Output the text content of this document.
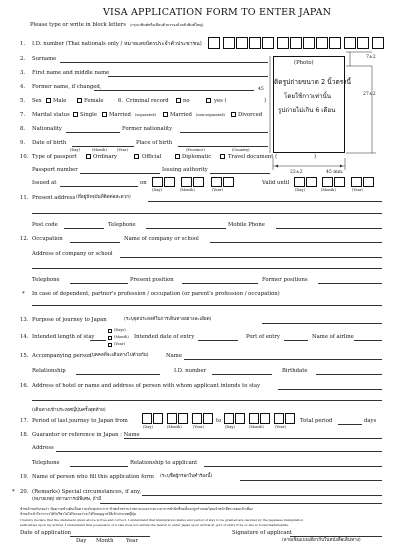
VISA APPLICATION FORM TO ENTER JAPAN
Please type or write in block letters (กรุณาพิมพ์หรือเขียนตัวบรรจงด้วยตัวพิมพ์ใหญ่)
(Photo)
ติดรูปถ่ายขนาด 2 นิ้วตรงนี้
โดยใช้กาวเท่านั้น
รูปถ่ายไม่เกิน 6 เดือน
7±2
27±2
22±2	45 mm.
45
1. I.D. number (Thai nationals only / หมายเลขบัตรประจำตัวประชาชน)
2. Surname
3. First name and middle name
4. Former name, if changed,
5. Sex Male	Female	6. Criminal record	no	yes (	)
7. Marital status Single Married (separated)	Married (non-separated) Divorced
8. Nationality	Former nationality
9. Date of birth	Place of birth
(Day)	(Month)	(Year)	(Province)	(Country)
10. Type of passport	Ordinary	Official	Diplomatic	Travel document (	)
Passport number	Issuing authority
Issued at	on
(Day)	(Month)	(Year)
Valid until
(Day)	(Month)	(Year)
11. Present address (ที่อยู่ปัจจุบันที่ติดต่อสะดวก)
Post code	Telephone	Mobile Phone
12. Occupation	Name of company or school
Address of company or school
Telephone	Present position	Former positions
* In case of dependent, partner's profession / occupation (or parent's profession / occupation)
13. Purpose of journey to Japan	(ระบุจุดประสงค์ในการเดินทางอย่างละเอียด)
14. Intended length of stay
(Days)
(Month)
(Year)
Intended date of entry	Port of entry	Name of airline
15. Accompanying person
(บุคคลที่จะเดินทางไปด้วยกัน)	Name
Relationship	I.D. number	Birthdate
16. Address of hotel or name and address of person with whom applicant intends to stay
(เดินทางเข้าประเทศญี่ปุ่นครั้งสุดท้าย)
17. Period of last journey to Japan from	to	Total period	days
(Day)	(Month)	(Year)	(Day)	(Month)	(Year)
18. Guarantor or reference in Japan : Name
Address
Telephone	Relationship to applicant
19. Name of person who fill this application form (ระบุชื่อผู้กรอกใบคำร้องนี้)
* 20. (Remarks) Special circumstances, if any.
(หมายเหตุ) สถานการณ์พิเศษ, ถ้ามี
ข้าพเจ้าขอรับรองว่า ข้อความข้างต้นเป็นความจริงทุกประการ ข้าพเจ้าทราบว่าสถานะและระยะเวลาการพำนักที่ขอนั้นจะถูกกำหนดโดยเจ้าหน้าที่ตรวจคนเข้าเมือง
ข้าพเจ้าเข้าใจว่าการได้รับวีซ่าไม่ได้รับรองว่าจะได้รับอนุญาตให้เข้าประเทศญี่ปุ่น
I hereby declare that the statement given above is true and correct. I understand that immigration status and period of stay to be granted are decided by the Japanese immigration
authorities upon my arrival. I understand that possession of a visa does not entitle the bearer to enter Japan upon arrival at port of entry if he or she is found inadmissible.
Date of application	Signature of applicant
Day Month Year	(ลายเซ็นแบบเดียวกับในหนังสือเดินทาง)
